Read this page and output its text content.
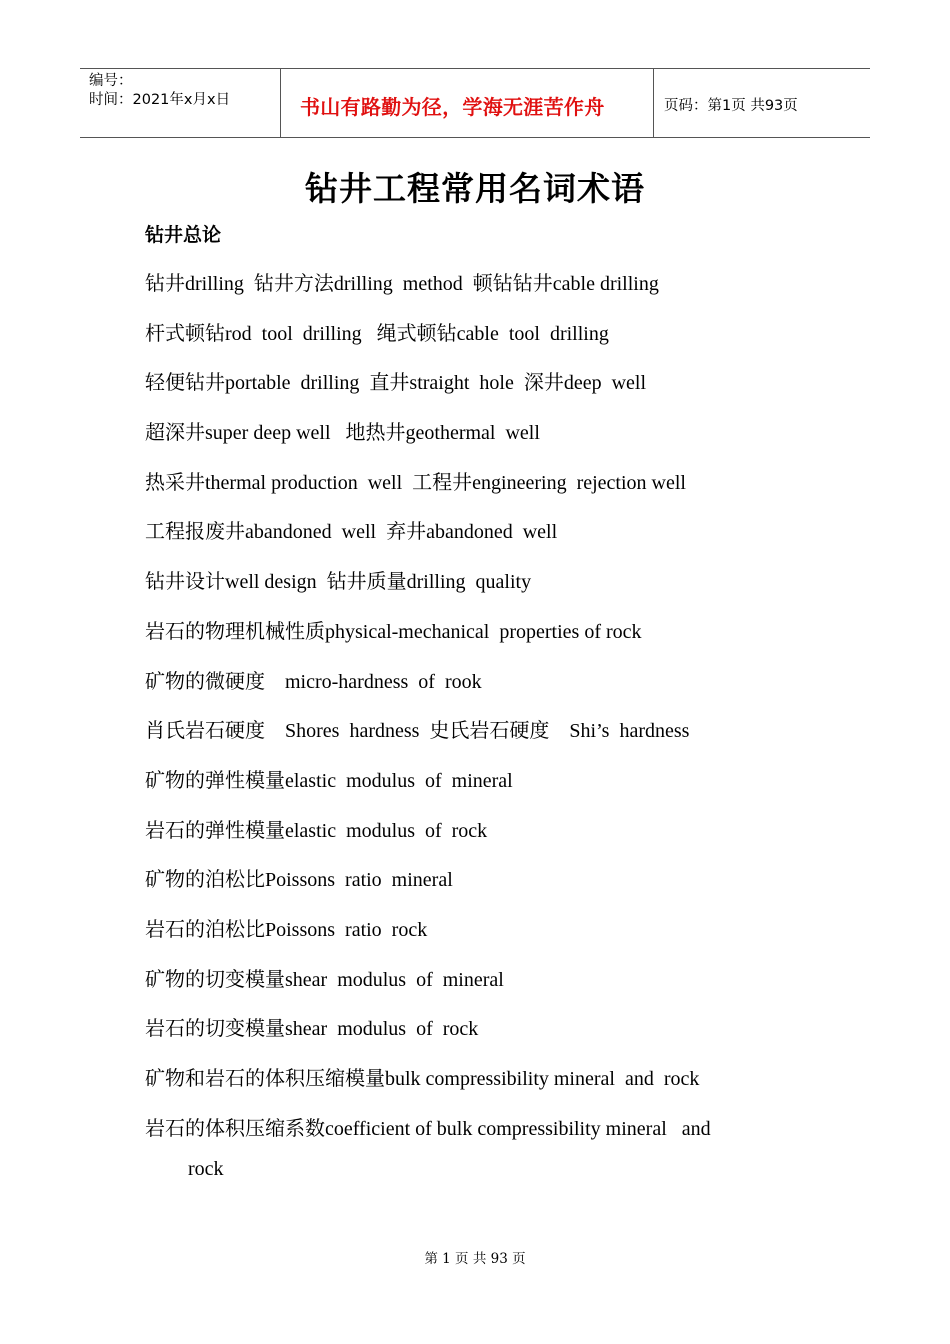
编号：
时间：2021年x月x日	书山有路勤为径，学海无涯苦作舟	页码：第1页 共93页
钻井工程常用名词术语
钻井总论
钻井drilling  钻井方法drilling  method  顿钻钻井cable drilling
杆式顿钻rod  tool  drilling   绳式顿钻cable  tool  drilling
轻便钻井portable  drilling  直井straight  hole  深井deep  well
超深井super deep well   地热井geothermal  well
热采井thermal production  well  工程井engineering  rejection well
工程报废井abandoned  well  弃井abandoned  well
钻井设计well design  钻井质量drilling  quality
岩石的物理机械性质physical-mechanical  properties of rock
矿物的微硬度    micro-hardness  of  rook
肖氏岩石硬度    Shores  hardness  史氏岩石硬度    Shi’s  hardness
矿物的弹性模量elastic  modulus  of  mineral
岩石的弹性模量elastic  modulus  of  rock
矿物的泊松比Poissons  ratio  mineral
岩石的泊松比Poissons  ratio  rock
矿物的切变模量shear  modulus  of  mineral
岩石的切变模量shear  modulus  of  rock
矿物和岩石的体积压缩模量bulk compressibility mineral  and  rock
岩石的体积压缩系数coefficient of bulk compressibility mineral   and
rock
第 1 页 共 93 页
